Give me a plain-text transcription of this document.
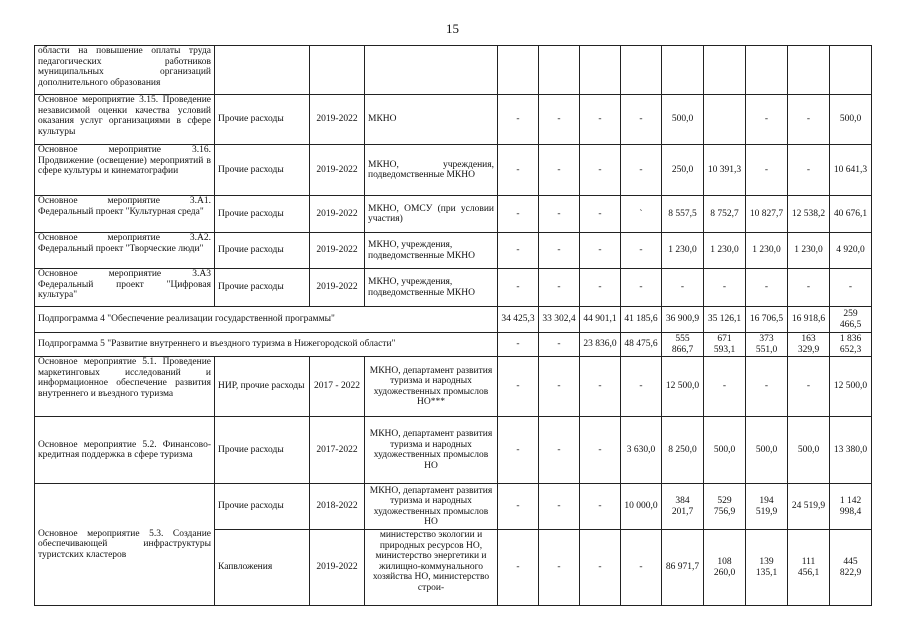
15
области на повышение оплаты труда педагогических работников муниципальных организаций дополнительного образования												
Основное мероприятие 3.15. Проведение независимой оценки качества условий оказания услуг организациями в сфере культуры	Прочие расходы	2019-2022	МКНО	-	-	-	-	500,0		-	-	500,0
Основное мероприятие 3.16. Продвижение (освещение) мероприятий в сфере культуры и кинематографии	Прочие расходы	2019-2022	МКНО, учреждения, подведомственные МКНО	-	-	-	-	250,0	10 391,3	-	-	10 641,3
Основное мероприятие 3.А1. Федеральный проект "Культурная среда"	Прочие расходы	2019-2022	МКНО, ОМСУ (при условии участия)	-	-	-	`	8 557,5	8 752,7	10 827,7	12 538,2	40 676,1
Основное мероприятие 3.А2. Федеральный проект "Творческие люди"	Прочие расходы	2019-2022	МКНО, учреждения, подведомственные МКНО	-	-	-	-	1 230,0	1 230,0	1 230,0	1 230,0	4 920,0
Основное мероприятие 3.А3 Федеральный проект "Цифровая культура"	Прочие расходы	2019-2022	МКНО, учреждения, подведомственные МКНО	-	-	-	-	-	-	-	-	-
Подпрограмма 4 "Обеспечение реализации государственной программы"				34 425,3	33 302,4	44 901,1	41 185,6	36 900,9	35 126,1	16 706,5	16 918,6	259 466,5
Подпрограмма 5 "Развитие внутреннего и въездного туризма в Нижегородской области"				-	-	23 836,0	48 475,6	555 866,7	671 593,1	373 551,0	163 329,9	1 836 652,3
Основное мероприятие 5.1. Проведение маркетинговых исследований и информационное обеспечение развития внутреннего и въездного туризма	НИР, прочие расходы	2017 - 2022	МКНО, департамент развития туризма и народных художественных промыслов НО***	-	-	-	-	12 500,0	-	-	-	12 500,0
Основное мероприятие 5.2. Финансово-кредитная поддержка в сфере туризма	Прочие расходы	2017-2022	МКНО, департамент развития туризма и народных художественных промыслов НО	-	-	-	3 630,0	8 250,0	500,0	500,0	500,0	13 380,0
Основное мероприятие 5.3. Создание обеспечивающей инфраструктуры туристских кластеров	Прочие расходы	2018-2022	МКНО, департамент развития туризма и народных художественных промыслов НО	-	-	-	10 000,0	384 201,7	529 756,9	194 519,9	24 519,9	1 142 998,4
	Капвложения	2019-2022	министерство экологии и природных ресурсов НО, министерство энергетики и жилищно-коммунального хозяйства НО, министерство строи-	-	-	-	-	86 971,7	108 260,0	139 135,1	111 456,1	445 822,9
